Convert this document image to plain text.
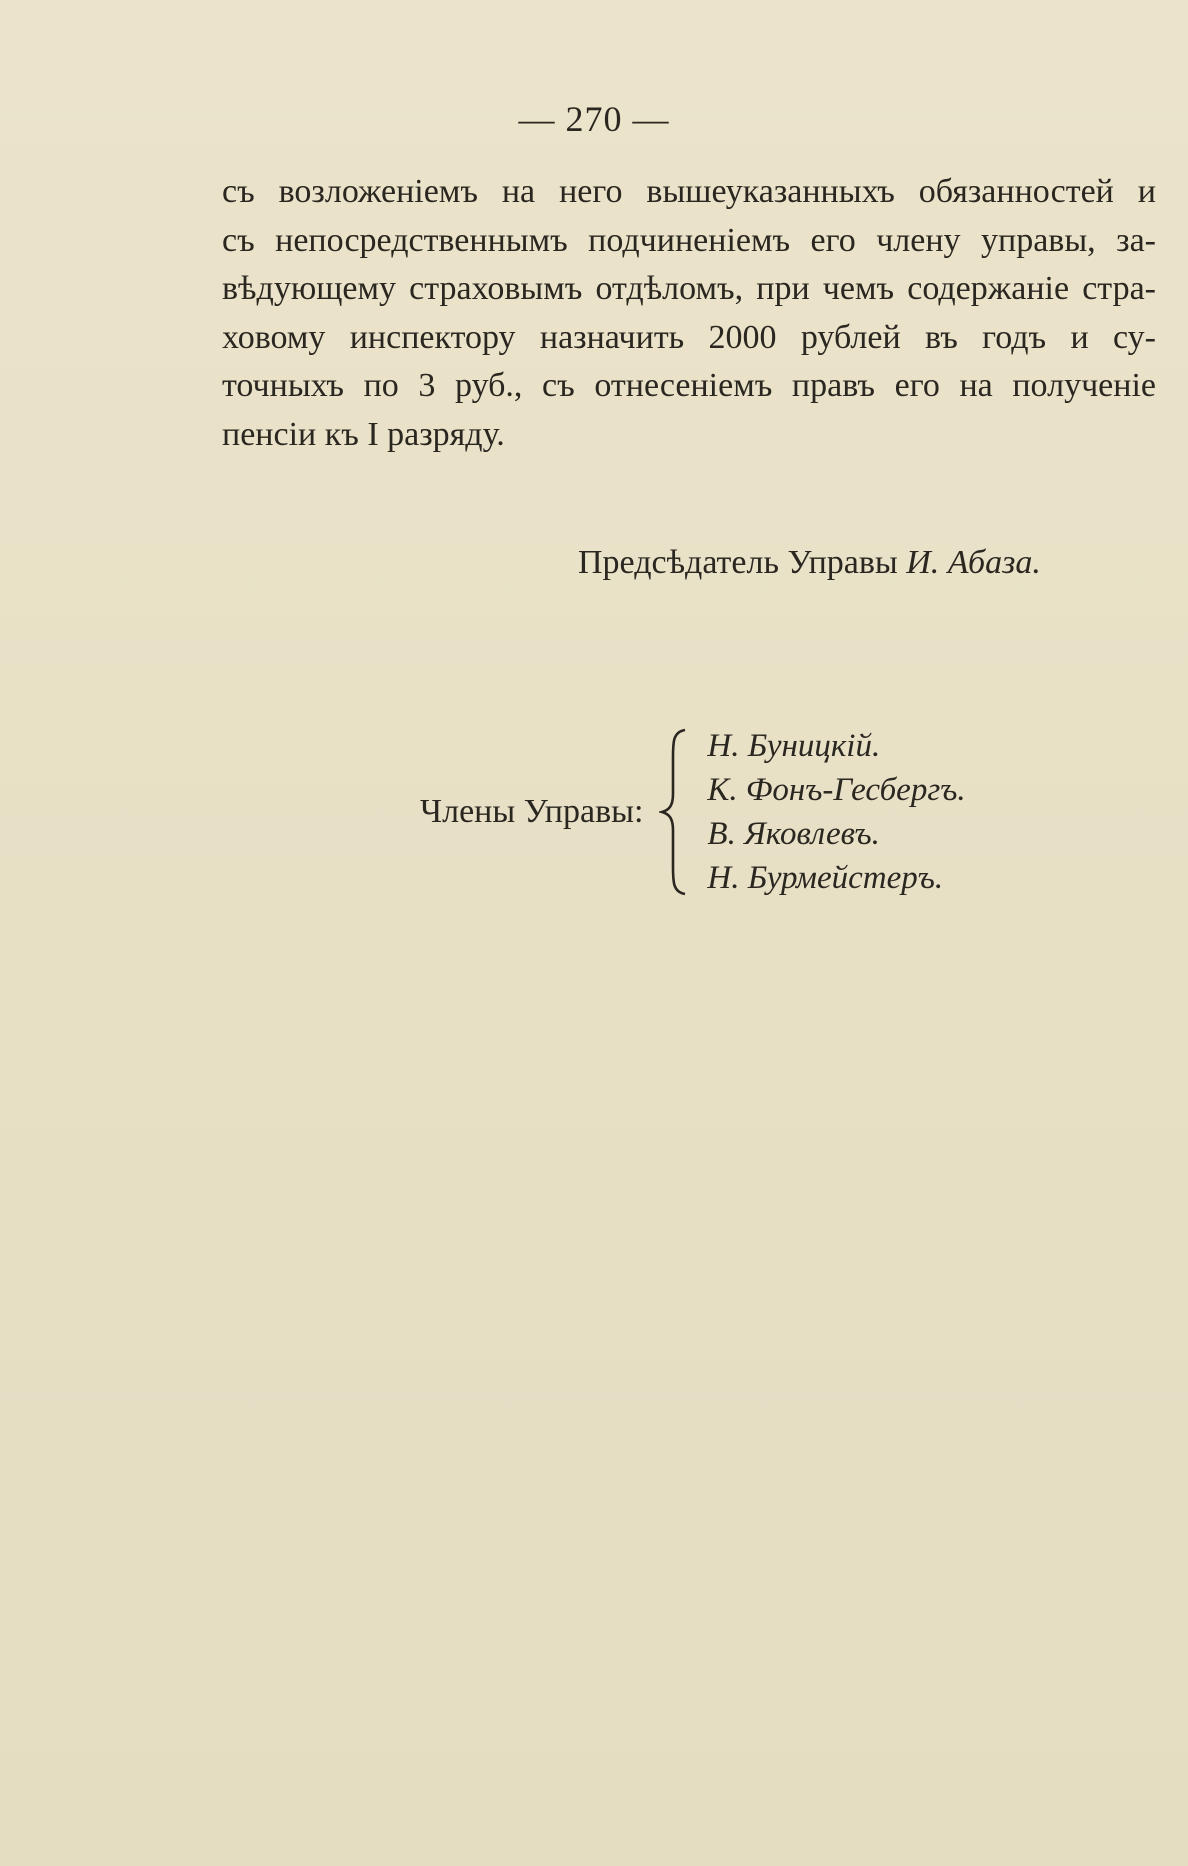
— 270 —
съ возложенiемъ на него вышеуказанныхъ обязанностей и
съ непосредственнымъ подчиненiемъ его члену управы, за-
вѣдующему страховымъ отдѣломъ, при чемъ содержанiе стра-
ховому инспектору назначить 2000 рублей въ годъ и су-
точныхъ по 3 руб., съ отнесенiемъ правъ его на полученiе
пенсiи къ I разряду.
Предсѣдатель Управы И. Абаза.
Члены Управы:
Н. Буницкiй.
К. Фонъ-Гесбергъ.
В. Яковлевъ.
Н. Бурмейстеръ.
